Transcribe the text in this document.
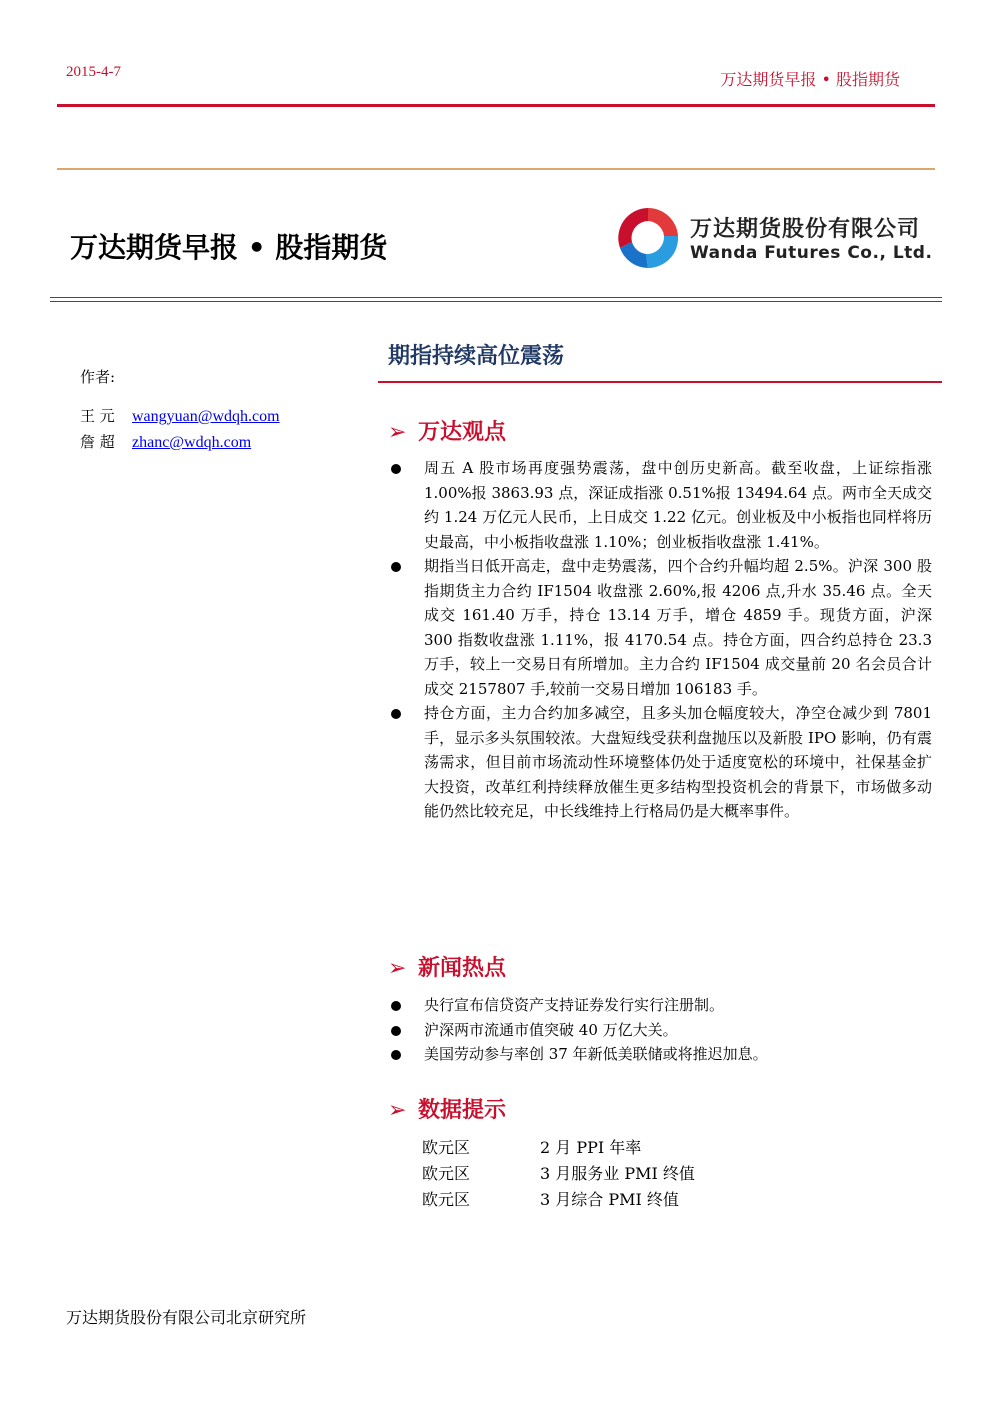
2015-4-7	万达期货早报 • 股指期货
万达期货早报 • 股指期货
万达期货股份有限公司
Wanda Futures Co., Ltd.
作者:
王 元 wangyuan@wdqh.com
詹 超 zhanc@wdqh.com
期指持续高位震荡
➢ 万达观点
周五 A 股市场再度强势震荡，盘中创历史新高。截至收盘，上证综指涨 1.00%报 3863.93 点，深证成指涨 0.51%报 13494.64 点。两市全天成交约 1.24 万亿元人民币，上日成交 1.22 亿元。创业板及中小板指也同样将历史最高，中小板指收盘涨 1.10%；创业板指收盘涨 1.41%。
期指当日低开高走，盘中走势震荡，四个合约升幅均超 2.5%。沪深 300 股指期货主力合约 IF1504 收盘涨 2.60%,报 4206 点,升水 35.46 点。全天成交 161.40 万手，持仓 13.14 万手，增仓 4859 手。现货方面，沪深 300 指数收盘涨 1.11%，报 4170.54 点。持仓方面，四合约总持仓 23.3 万手，较上一交易日有所增加。主力合约 IF1504 成交量前 20 名会员合计成交 2157807 手,较前一交易日增加 106183 手。
持仓方面，主力合约加多减空，且多头加仓幅度较大，净空仓减少到 7801 手，显示多头氛围较浓。大盘短线受获利盘抛压以及新股 IPO 影响，仍有震荡需求，但目前市场流动性环境整体仍处于适度宽松的环境中，社保基金扩大投资，改革红利持续释放催生更多结构型投资机会的背景下，市场做多动能仍然比较充足，中长线维持上行格局仍是大概率事件。
➢ 新闻热点
央行宣布信贷资产支持证券发行实行注册制。
沪深两市流通市值突破 40 万亿大关。
美国劳动参与率创 37 年新低美联储或将推迟加息。
➢ 数据提示
欧元区	2 月 PPI 年率
欧元区	3 月服务业 PMI 终值
欧元区	3 月综合 PMI 终值
万达期货股份有限公司北京研究所
